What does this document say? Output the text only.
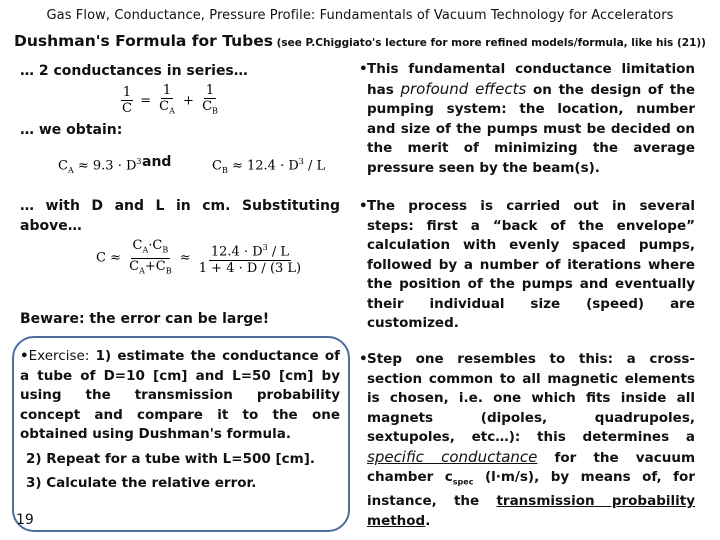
Gas Flow, Conductance, Pressure Profile: Fundamentals of Vacuum Technology for Accelerators
Dushman's Formula for Tubes (see P.Chiggiato's lecture for more refined models/formula, like his (21))
… 2 conductances in series…
$\frac{1}{C} = \frac{1}{C_A} + \frac{1}{C_B}$
… we obtain:
$C_A \approx 9.3 \cdot D^3$ and	$C_B \approx 12.4 \cdot D^3 / L$
… with D and L in cm. Substituting above…
$C \approx \frac{C_A\cdot C_B}{C_A+C_B} \approx \frac{12.4 \cdot D^3 / L}{1 + 4 \cdot D / (3 L)}$
Beware: the error can be large!
•Exercise: 1) estimate the conductance of a tube of D=10 [cm] and L=50 [cm] by using the transmission probability concept and compare it to the one obtained using Dushman's formula.
2) Repeat for a tube with L=500 [cm].
3) Calculate the relative error.
19
• This fundamental conductance limitation has profound effects on the design of the pumping system: the location, number and size of the pumps must be decided on the merit of minimizing the average pressure seen by the beam(s).
• The process is carried out in several steps: first a “back of the envelope” calculation with evenly spaced pumps, followed by a number of iterations where the position of the pumps and eventually their individual size (speed) are customized.
• Step one resembles to this: a cross-section common to all magnetic elements is chosen, i.e. one which fits inside all magnets (dipoles, quadrupoles, sextupoles, etc…): this determines a specific conductance for the vacuum chamber $c_{spec}$ (l·m/s), by means of, for instance, the transmission probability method.
